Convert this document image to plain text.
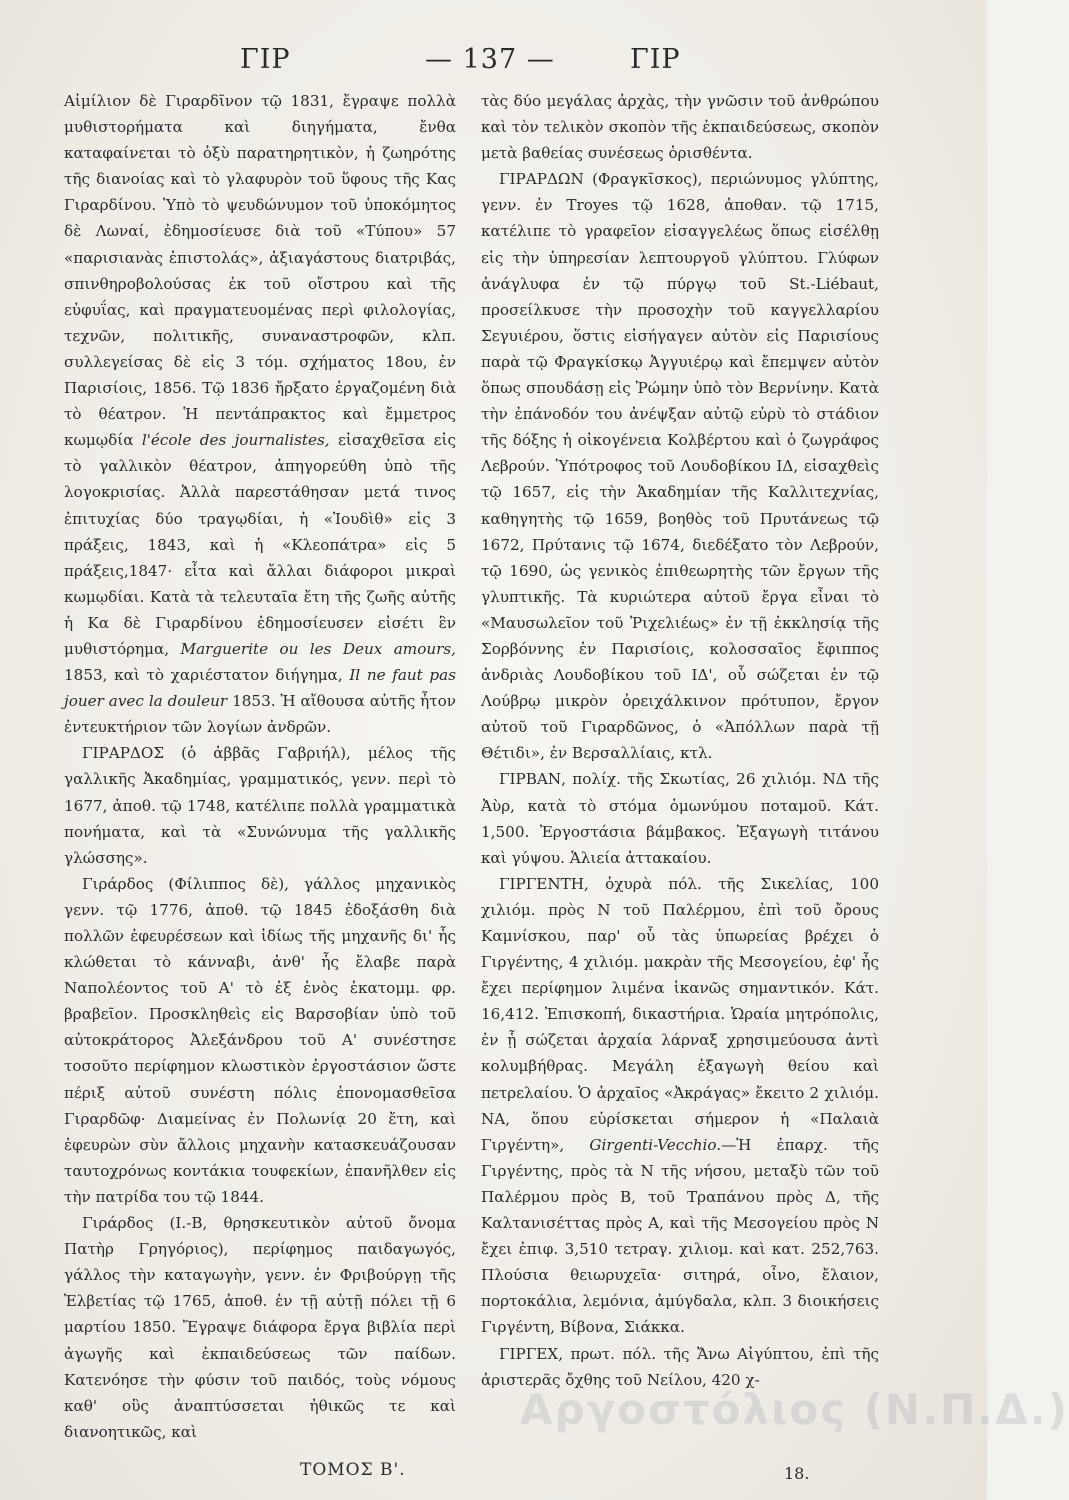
ΓΙΡ	— 137 —	ΓΙΡ

Αἰμίλιον δὲ Γιραρδῖνον τῷ 1831, ἔγραψε πολλὰ μυθιστορήματα καὶ διηγήματα, ἔνθα καταφαίνεται τὸ ὀξὺ παρατηρητικὸν, ἡ ζωηρότης τῆς διανοίας καὶ τὸ γλαφυρὸν τοῦ ὕφους τῆς Κας Γιραρδίνου. Ὑπὸ τὸ ψευδώνυμον τοῦ ὑποκόμητος δὲ Λωναί, ἐδημοσίευσε διὰ τοῦ «Τύπου» 57 «παρισιανὰς ἐπιστολάς», ἀξιαγάστους διατριβάς, σπινθηροβολούσας ἐκ τοῦ οἴστρου καὶ τῆς εὐφυΐας, καὶ πραγματευομένας περὶ φιλολογίας, τεχνῶν, πολιτικῆς, συναναστροφῶν, κλπ. συλλεγείσας δὲ εἰς 3 τόμ. σχήματος 18ου, ἐν Παρισίοις, 1856. Τῷ 1836 ἤρξατο ἐργαζομένη διὰ τὸ θέατρον. Ἡ πεντάπρακτος καὶ ἔμμετρος κωμῳδία l'école des journalistes, εἰσαχθεῖσα εἰς τὸ γαλλικὸν θέατρον, ἀπηγορεύθη ὑπὸ τῆς λογοκρισίας. Ἀλλὰ παρεστάθησαν μετά τινος ἐπιτυχίας δύο τραγῳδίαι, ἡ «Ἰουδὶθ» εἰς 3 πράξεις, 1843, καὶ ἡ «Κλεοπάτρα» εἰς 5 πράξεις,1847· εἶτα καὶ ἄλλαι διάφοροι μικραὶ κωμῳδίαι. Κατὰ τὰ τελευταῖα ἔτη τῆς ζωῆς αὐτῆς ἡ Κα δὲ Γιραρδίνου ἐδημοσίευσεν εἰσέτι ἓν μυθιστόρημα, Marguerite ou les Deux amours, 1853, καὶ τὸ χαριέστατον διήγημα, Il ne faut pas jouer avec la douleur 1853. Ἡ αἴθουσα αὐτῆς ἦτον ἐντευκτήριον τῶν λογίων ἀνδρῶν.

ΓΙΡΑΡΔΟΣ (ὁ ἀββᾶς Γαβριήλ), μέλος τῆς γαλλικῆς Ἀκαδημίας, γραμματικός, γενν. περὶ τὸ 1677, ἀποθ. τῷ 1748, κατέλιπε πολλὰ γραμματικὰ πονήματα, καὶ τὰ «Συνώνυμα τῆς γαλλικῆς γλώσσης».

Γιράρδος (Φίλιππος δὲ), γάλλος μηχανικὸς γενν. τῷ 1776, ἀποθ. τῷ 1845 ἐδοξάσθη διὰ πολλῶν ἐφευρέσεων καὶ ἰδίως τῆς μηχανῆς δι' ἧς κλώθεται τὸ κάνναβι, ἀνθ' ἧς ἔλαβε παρὰ Ναπολέοντος τοῦ Α' τὸ ἐξ ἑνὸς ἑκατομμ. φρ. βραβεῖον. Προσκληθεὶς εἰς Βαρσοβίαν ὑπὸ τοῦ αὐτοκράτορος Ἀλεξάνδρου τοῦ Α' συνέστησε τοσοῦτο περίφημον κλωστικὸν ἐργοστάσιον ὥστε πέριξ αὐτοῦ συνέστη πόλις ἐπονομασθεῖσα Γιραρδῶφ· Διαμείνας ἐν Πολωνίᾳ 20 ἔτη, καὶ ἐφευρὼν σὺν ἄλλοις μηχανὴν κατασκευάζουσαν ταυτοχρόνως κοντάκια τουφεκίων, ἐπανῆλθεν εἰς τὴν πατρίδα του τῷ 1844.

Γιράρδος (I.-B, θρησκευτικὸν αὐτοῦ ὄνομα Πατὴρ Γρηγόριος), περίφημος παιδαγωγός, γάλλος τὴν καταγωγὴν, γενν. ἐν Φριβούργῃ τῆς Ἑλβετίας τῷ 1765, ἀποθ. ἐν τῇ αὐτῇ πόλει τῇ 6 μαρτίου 1850. Ἔγραψε διάφορα ἔργα βιβλία περὶ ἀγωγῆς καὶ ἐκπαιδεύσεως τῶν παίδων. Κατενόησε τὴν φύσιν τοῦ παιδός, τοὺς νόμους καθ' οὓς ἀναπτύσσεται ἠθικῶς τε καὶ διανοητικῶς, καὶ

τὰς δύο μεγάλας ἀρχὰς, τὴν γνῶσιν τοῦ ἀνθρώπου καὶ τὸν τελικὸν σκοπὸν τῆς ἐκπαιδεύσεως, σκοπὸν μετὰ βαθείας συνέσεως ὁρισθέντα.

ΓΙΡΑΡΔΩΝ (Φραγκῖσκος), περιώνυμος γλύπτης, γενν. ἐν Troyes τῷ 1628, ἀποθαν. τῷ 1715, κατέλιπε τὸ γραφεῖον εἰσαγγελέως ὅπως εἰσέλθῃ εἰς τὴν ὑπηρεσίαν λεπτουργοῦ γλύπτου. Γλύφων ἀνάγλυφα ἐν τῷ πύργῳ τοῦ St.-Liébaut, προσείλκυσε τὴν προσοχὴν τοῦ καγγελλαρίου Σεγυιέρου, ὅστις εἰσήγαγεν αὐτὸν εἰς Παρισίους παρὰ τῷ Φραγκίσκῳ Ἀγγυιέρῳ καὶ ἔπεμψεν αὐτὸν ὅπως σπουδάσῃ εἰς Ῥώμην ὑπὸ τὸν Βερνίνην. Κατὰ τὴν ἐπάνοδόν του ἀνέψξαν αὐτῷ εὐρὺ τὸ στάδιον τῆς δόξης ἡ οἰκογένεια Κολβέρτου καὶ ὁ ζωγράφος Λεβρούν. Ὑπότροφος τοῦ Λουδοβίκου ΙΔ, εἰσαχθεὶς τῷ 1657, εἰς τὴν Ἀκαδημίαν τῆς Καλλιτεχνίας, καθηγητὴς τῷ 1659, βοηθὸς τοῦ Πρυτάνεως τῷ 1672, Πρύτανις τῷ 1674, διεδέξατο τὸν Λεβρούν, τῷ 1690, ὡς γενικὸς ἐπιθεωρητὴς τῶν ἔργων τῆς γλυπτικῆς. Τὰ κυριώτερα αὐτοῦ ἔργα εἶναι τὸ «Μαυσωλεῖον τοῦ Ῥιχελιέως» ἐν τῇ ἐκκλησίᾳ τῆς Σορβόννης ἐν Παρισίοις, κολοσσαῖος ἔφιππος ἀνδριὰς Λουδοβίκου τοῦ ΙΔ', οὗ σώζεται ἐν τῷ Λούβρῳ μικρὸν ὀρειχάλκινον πρότυπον, ἔργον αὐτοῦ τοῦ Γιραρδῶνος, ὁ «Ἀπόλλων παρὰ τῇ Θέτιδι», ἐν Βερσαλλίαις, κτλ.

ΓΙΡΒΑΝ, πολίχ. τῆς Σκωτίας, 26 χιλιόμ. ΝΔ τῆς Ἀὺρ, κατὰ τὸ στόμα ὁμωνύμου ποταμοῦ. Κάτ. 1,500. Ἐργοστάσια βάμβακος. Ἐξαγωγὴ τιτάνου καὶ γύψου. Ἁλιεία ἀττακαίου.

ΓΙΡΓΕΝΤΗ, ὀχυρὰ πόλ. τῆς Σικελίας, 100 χιλιόμ. πρὸς Ν τοῦ Παλέρμου, ἐπὶ τοῦ ὄρους Καμνίσκου, παρ' οὗ τὰς ὑπωρείας βρέχει ὁ Γιργέντης, 4 χιλιόμ. μακρὰν τῆς Μεσογείου, ἐφ' ἧς ἔχει περίφημον λιμένα ἱκανῶς σημαντικόν. Κάτ. 16,412. Ἐπισκοπή, δικαστήρια. Ὡραία μητρόπολις, ἐν ᾗ σώζεται ἀρχαία λάρναξ χρησιμεύουσα ἀντὶ κολυμβήθρας. Μεγάλη ἐξαγωγὴ θείου καὶ πετρελαίου. Ὁ ἀρχαῖος «Ἀκράγας» ἔκειτο 2 χιλιόμ. ΝΑ, ὅπου εὑρίσκεται σήμερον ἡ «Παλαιὰ Γιργέντη», Girgenti-Vecchio.—Ἡ ἐπαρχ. τῆς Γιργέντης, πρὸς τὰ Ν τῆς νήσου, μεταξὺ τῶν τοῦ Παλέρμου πρὸς Β, τοῦ Τραπάνου πρὸς Δ, τῆς Καλτανισέττας πρὸς Α, καὶ τῆς Μεσογείου πρὸς Ν ἔχει ἐπιφ. 3,510 τετραγ. χιλιομ. καὶ κατ. 252,763. Πλούσια θειωρυχεῖα· σιτηρά, οἶνο, ἔλαιον, πορτοκάλια, λεμόνια, ἀμύγδαλα, κλπ. 3 διοικήσεις Γιργέντη, Βίβονα, Σιάκκα.

ΓΙΡΓΕΧ, πρωτ. πόλ. τῆς Ἄνω Αἰγύπτου, ἐπὶ τῆς ἀριστερᾶς ὄχθης τοῦ Νείλου, 420 χ-

Αργοστόλιος (Ν.Π.Δ.)
ΤΟΜΟΣ Β'.	18.
